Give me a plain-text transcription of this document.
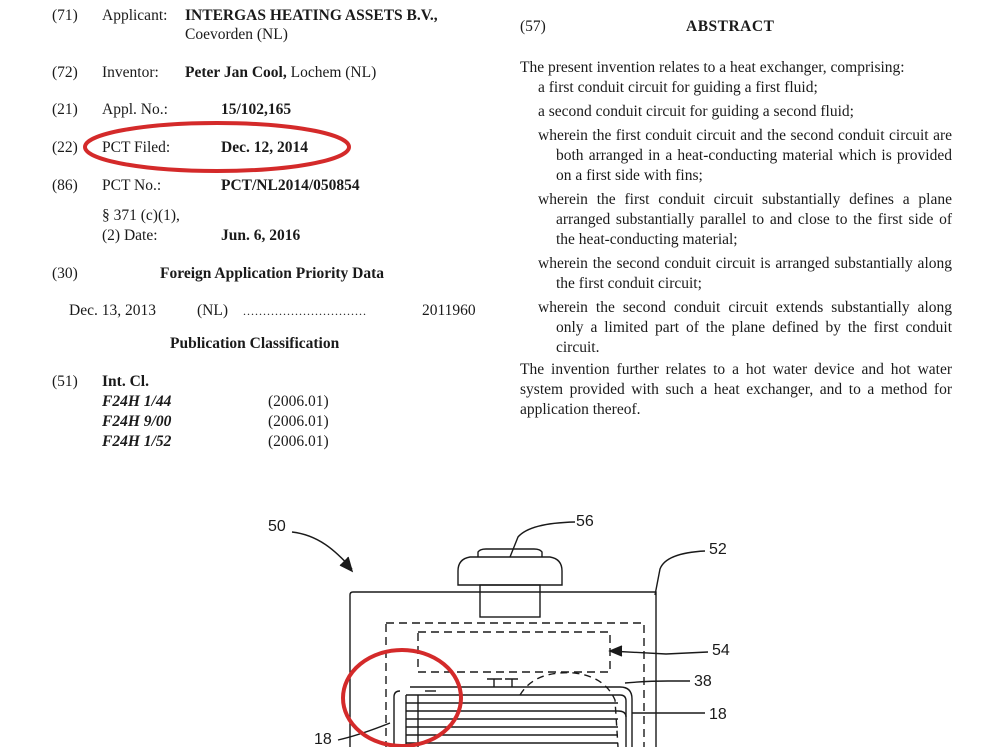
(71) Applicant: INTERGAS HEATING ASSETS B.V.,
Coevorden (NL)
(72) Inventor: Peter Jan Cool, Lochem (NL)
(21) Appl. No.:	15/102,165
(22) PCT Filed:	Dec. 12, 2014
(86) PCT No.:	PCT/NL2014/050854
§ 371 (c)(1),
(2) Date:	Jun. 6, 2016
(30)	Foreign Application Priority Data
Dec. 13, 2013	(NL) ...............................	2011960
Publication Classification
(51) Int. Cl.
F24H 1/44	(2006.01)
F24H 9/00	(2006.01)
F24H 1/52	(2006.01)
(57)	ABSTRACT

The present invention relates to a heat exchanger, comprising:

a first conduit circuit for guiding a first fluid;

a second conduit circuit for guiding a second fluid;

wherein the first conduit circuit and the second conduit circuit are both arranged in a heat-conducting material which is provided on a first side with fins;

wherein the first conduit circuit substantially defines a plane arranged substantially parallel to and close to the first side of the heat-conducting material;

wherein the second conduit circuit is arranged substantially along the first conduit circuit;

wherein the second conduit circuit extends substantially along only a limited part of the plane defined by the first conduit circuit.

The invention further relates to a hot water device and hot water system provided with such a heat exchanger, and to a method for application thereof.

50	56
52
54
38
18
18
